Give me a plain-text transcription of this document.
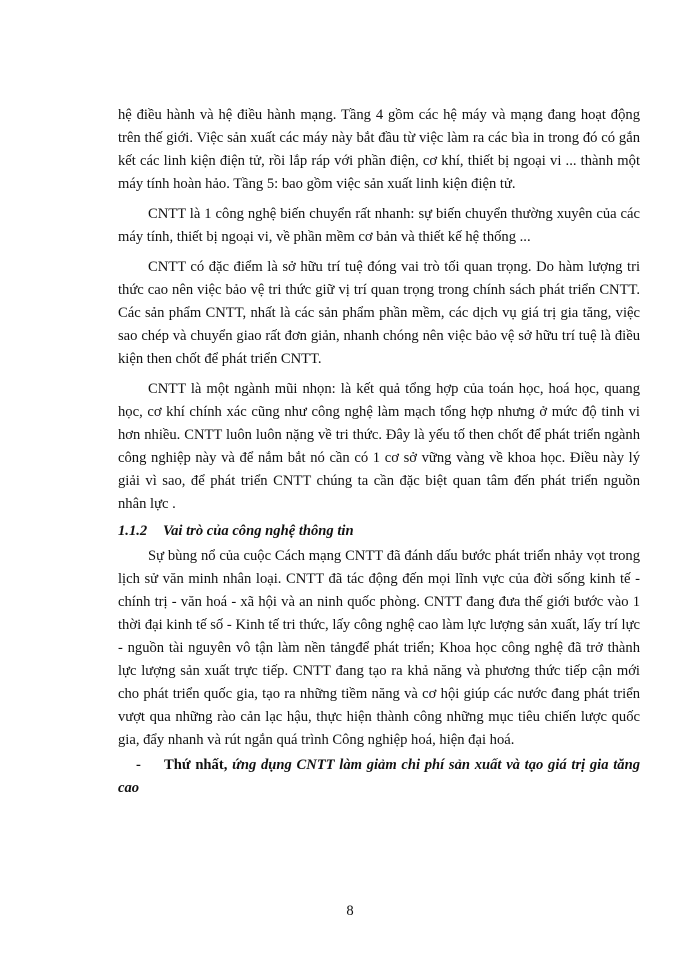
hệ điều hành và hệ điều hành mạng. Tầng 4 gồm các hệ máy và mạng đang hoạt động trên thế giới. Việc sản xuất các máy này bắt đầu từ việc làm ra các bìa in trong đó có gắn kết các linh kiện điện tử, rồi lắp ráp với phần điện, cơ khí, thiết bị ngoại vi ... thành một máy tính hoàn hảo. Tầng 5: bao gồm việc sản xuất linh kiện điện tử.

CNTT là 1 công nghệ biến chuyển rất nhanh: sự biến chuyển thường xuyên của các máy tính, thiết bị ngoại vi, về phần mềm cơ bản và thiết kế hệ thống ...

CNTT có đặc điểm là sở hữu trí tuệ đóng vai trò tối quan trọng. Do hàm lượng tri thức cao nên việc bảo vệ tri thức giữ vị trí quan trọng trong chính sách phát triển CNTT. Các sản phẩm CNTT, nhất là các sản phẩm phần mềm, các dịch vụ giá trị gia tăng, việc sao chép và chuyển giao rất đơn giản, nhanh chóng nên việc bảo vệ sở hữu trí tuệ là điều kiện then chốt để phát triển CNTT.

CNTT là một ngành mũi nhọn: là kết quả tổng hợp của toán học, hoá học, quang học, cơ khí chính xác cũng như công nghệ làm mạch tổng hợp nhưng ở mức độ tinh vi hơn nhiều. CNTT luôn luôn nặng về tri thức. Đây là yếu tố then chốt để phát triển ngành công nghiệp này và để nắm bắt nó cần có 1 cơ sở vững vàng về khoa học. Điều này lý giải vì sao, để phát triển CNTT chúng ta cần đặc biệt quan tâm đến phát triển nguồn nhân lực .

1.1.2 Vai trò của công nghệ thông tin

Sự bùng nổ của cuộc Cách mạng CNTT đã đánh dấu bước phát triển nhảy vọt trong lịch sử văn minh nhân loại. CNTT đã tác động đến mọi lĩnh vực của đời sống kinh tế - chính trị - văn hoá - xã hội và an ninh quốc phòng. CNTT đang đưa thế giới bước vào 1 thời đại kinh tế số - Kinh tế tri thức, lấy công nghệ cao làm lực lượng sản xuất, lấy trí lực - nguồn tài nguyên vô tận làm nền tảngđể phát triển; Khoa học công nghệ đã trở thành lực lượng sản xuất trực tiếp. CNTT đang tạo ra khả năng và phương thức tiếp cận mới cho phát triển quốc gia, tạo ra những tiềm năng và cơ hội giúp các nước đang phát triển vượt qua những rào cản lạc hậu, thực hiện thành công những mục tiêu chiến lược quốc gia, đẩy nhanh và rút ngắn quá trình Công nghiệp hoá, hiện đại hoá.

- Thứ nhất, ứng dụng CNTT làm giảm chi phí sản xuất và tạo giá trị gia tăng cao

8
